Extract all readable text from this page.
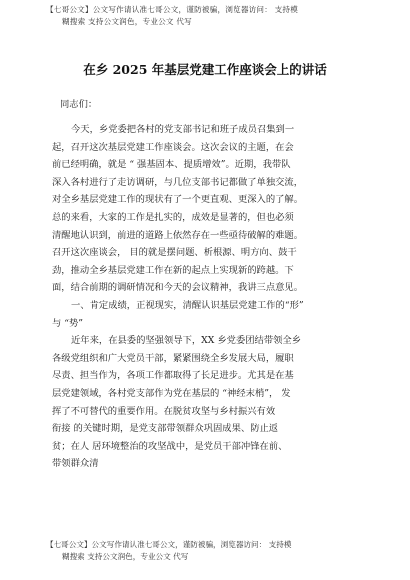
【七哥公文】公文写作请认准七哥公文，谨防被骗，浏览器访问： 支持模
糊搜索 支持公文润色，专业公文 代写
在乡 2025 年基层党建工作座谈会上的讲话
同志们：
今天，乡党委把各村的党支部书记和班子成员召集到一
起，召开这次基层党建工作座谈会。这次会议的主题，在会
前已经明确，就是 “ 强基固本、提质增效”。近期，我带队
深入各村进行了走访调研，与几位支部书记都做了单独交流，
对全乡基层党建工作的现状有了一个更直观、更深入的了解。
总的来看，大家的工作是扎实的，成效是显著的，但也必须
清醒地认识到，前进的道路上依然存在一些亟待破解的难题。
召开这次座谈会， 目的就是摆问题、析根源、明方向、鼓干
劲，推动全乡基层党建工作在新的起点上实现新的跨越。下
面，结合前期的调研情况和今天的会议精神，我讲三点意见。
一、肯定成绩，正视现实，清醒认识基层党建工作的“形”
与 “势”
近年来，在县委的坚强领导下，XX 乡党委团结带领全乡
各级党组织和广大党员干部，紧紧围绕全乡发展大局，履职
尽责、担当作为，各项工作都取得了长足进步。尤其是在基
层党建领域，各村党支部作为党在基层的 “神经末梢”， 发
挥了不可替代的重要作用。在脱贫攻坚与乡村振兴有效
衔接 的关键时期，是党支部带领群众巩固成果、防止返
贫；在人 居环境整治的攻坚战中，是党员干部冲锋在前、
带领群众清
【七哥公文】公文写作请认准七哥公文，谨防被骗，浏览器访问： 支持模
糊搜索 支持公文润色，专业公文 代写
